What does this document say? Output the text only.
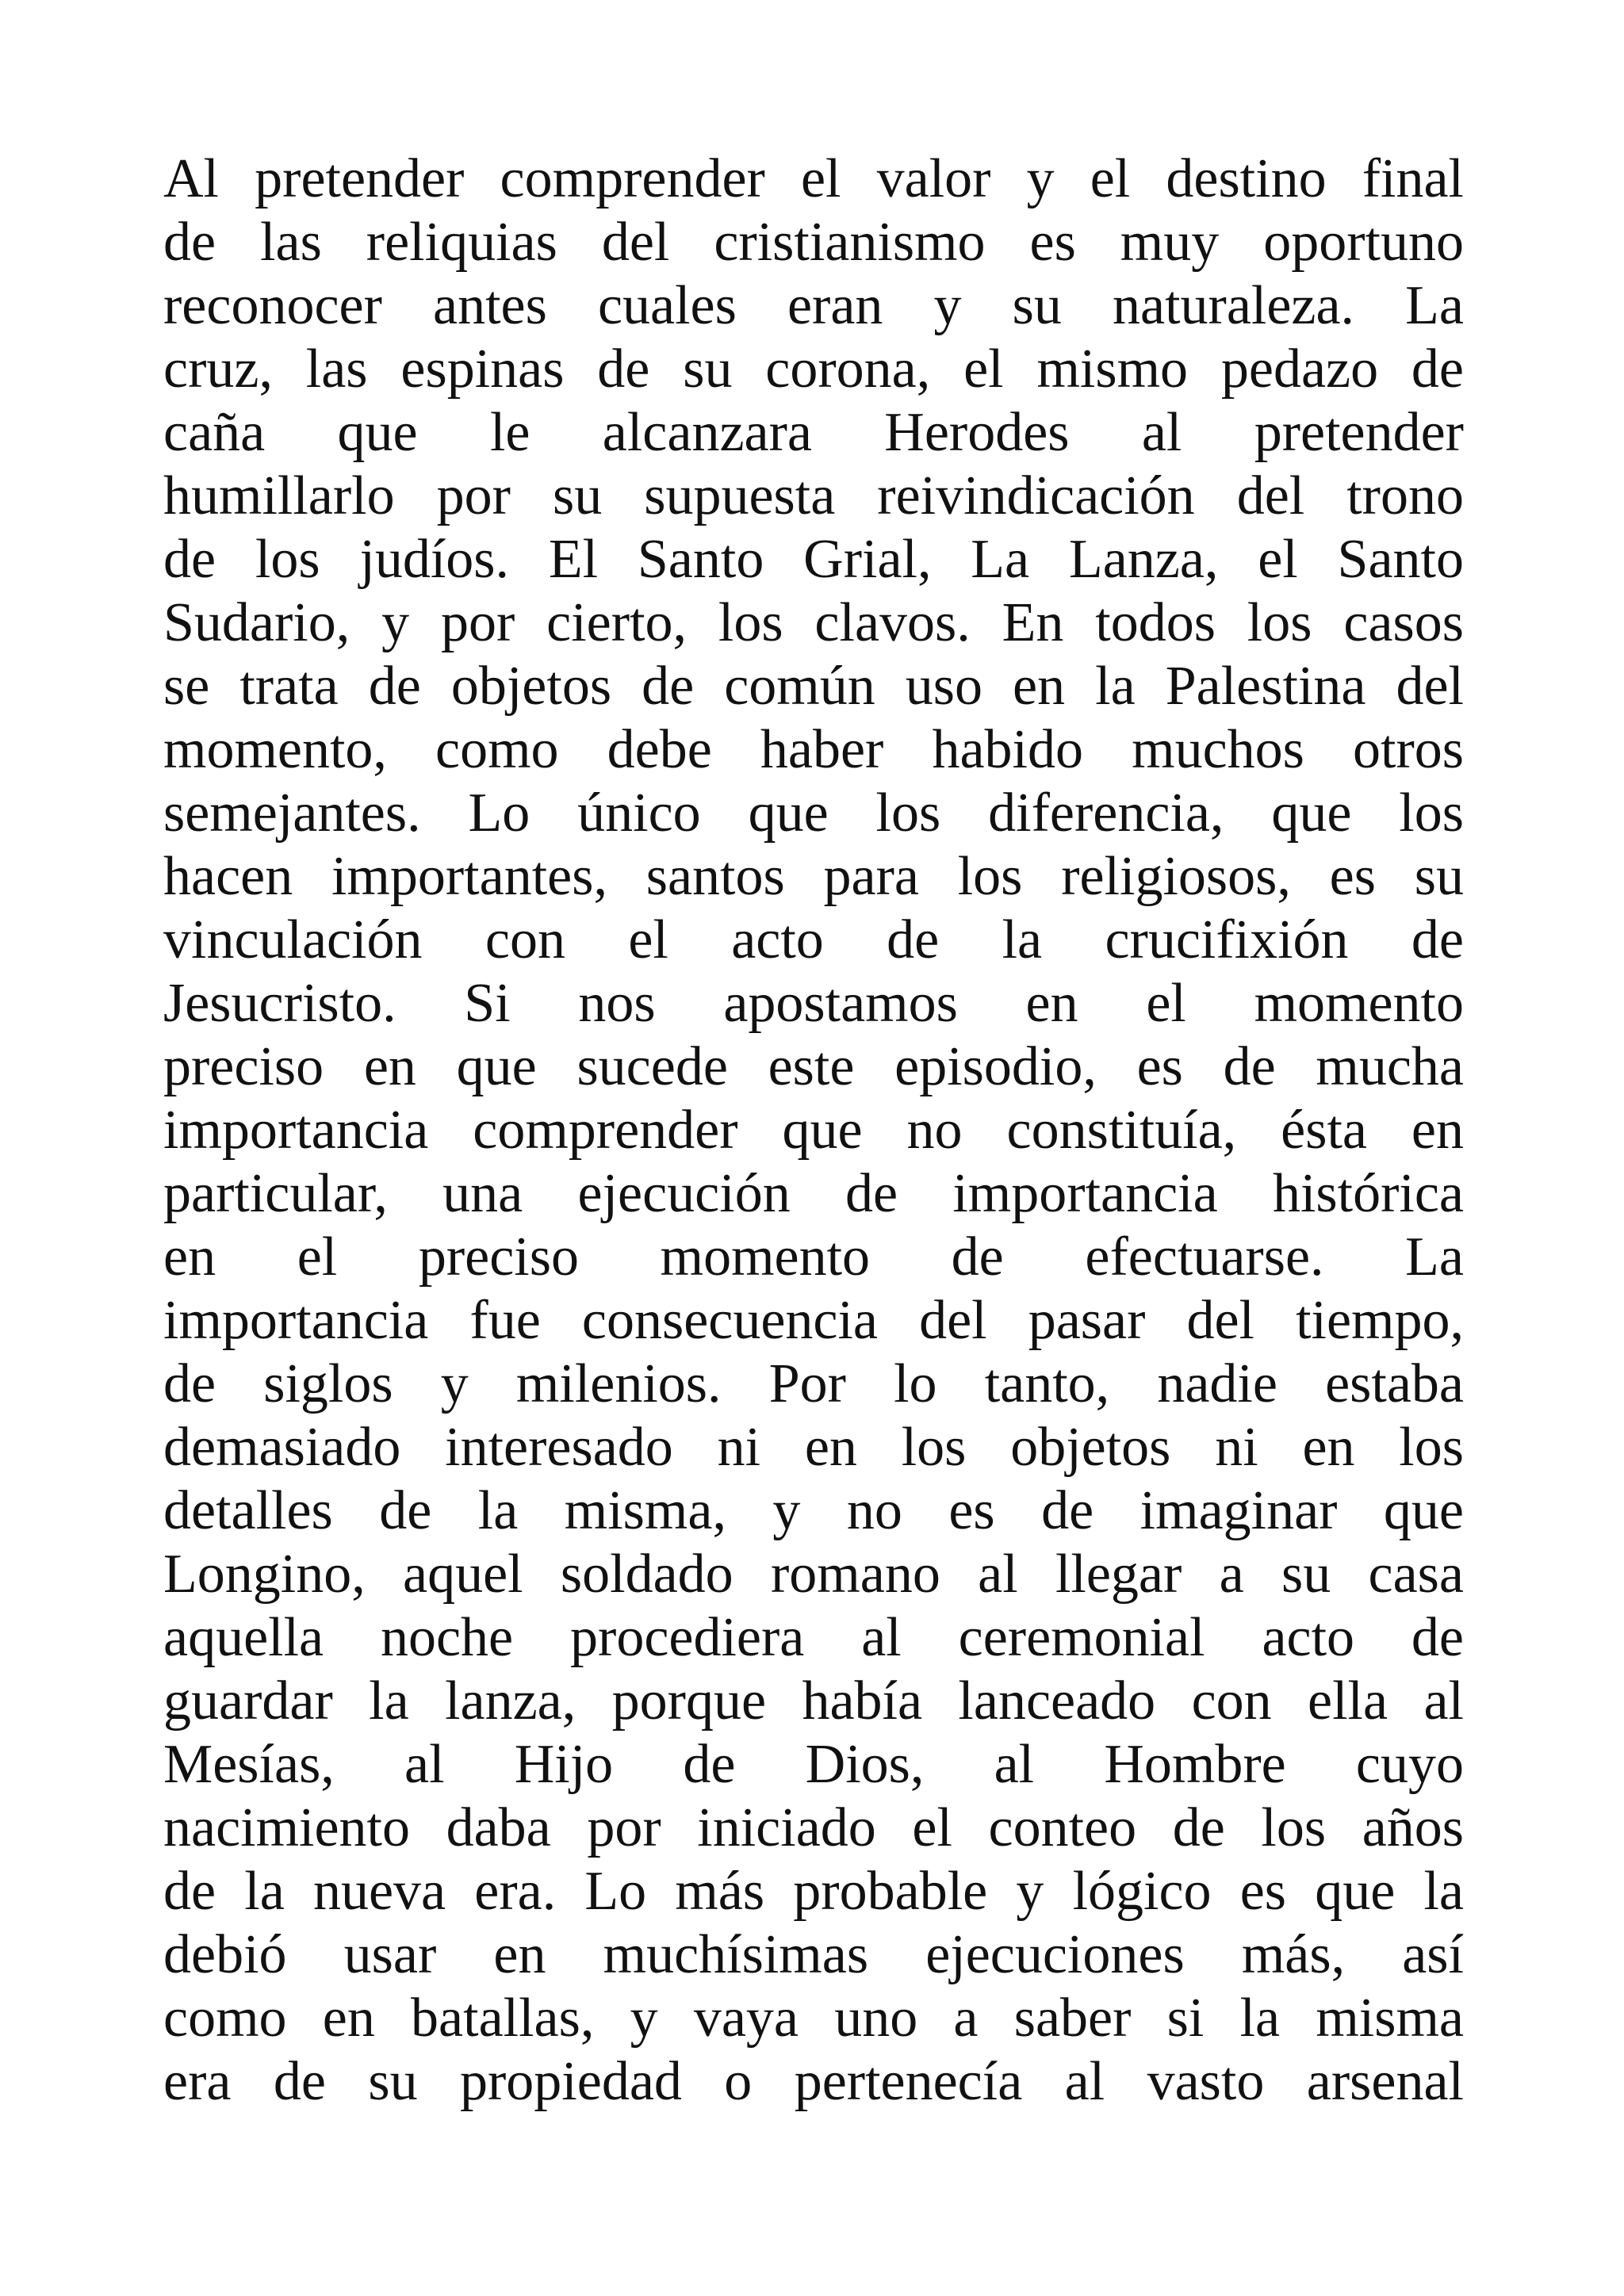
Al pretender comprender el valor y el destino final
de las reliquias del cristianismo es muy oportuno
reconocer antes cuales eran y su naturaleza. La
cruz, las espinas de su corona, el mismo pedazo de
caña que le alcanzara Herodes al pretender
humillarlo por su supuesta reivindicación del trono
de los judíos. El Santo Grial, La Lanza, el Santo
Sudario, y por cierto, los clavos. En todos los casos
se trata de objetos de común uso en la Palestina del
momento, como debe haber habido muchos otros
semejantes. Lo único que los diferencia, que los
hacen importantes, santos para los religiosos, es su
vinculación con el acto de la crucifixión de
Jesucristo. Si nos apostamos en el momento
preciso en que sucede este episodio, es de mucha
importancia comprender que no constituía, ésta en
particular, una ejecución de importancia histórica
en el preciso momento de efectuarse. La
importancia fue consecuencia del pasar del tiempo,
de siglos y milenios. Por lo tanto, nadie estaba
demasiado interesado ni en los objetos ni en los
detalles de la misma, y no es de imaginar que
Longino, aquel soldado romano al llegar a su casa
aquella noche procediera al ceremonial acto de
guardar la lanza, porque había lanceado con ella al
Mesías, al Hijo de Dios, al Hombre cuyo
nacimiento daba por iniciado el conteo de los años
de la nueva era. Lo más probable y lógico es que la
debió usar en muchísimas ejecuciones más, así
como en batallas, y vaya uno a saber si la misma
era de su propiedad o pertenecía al vasto arsenal
